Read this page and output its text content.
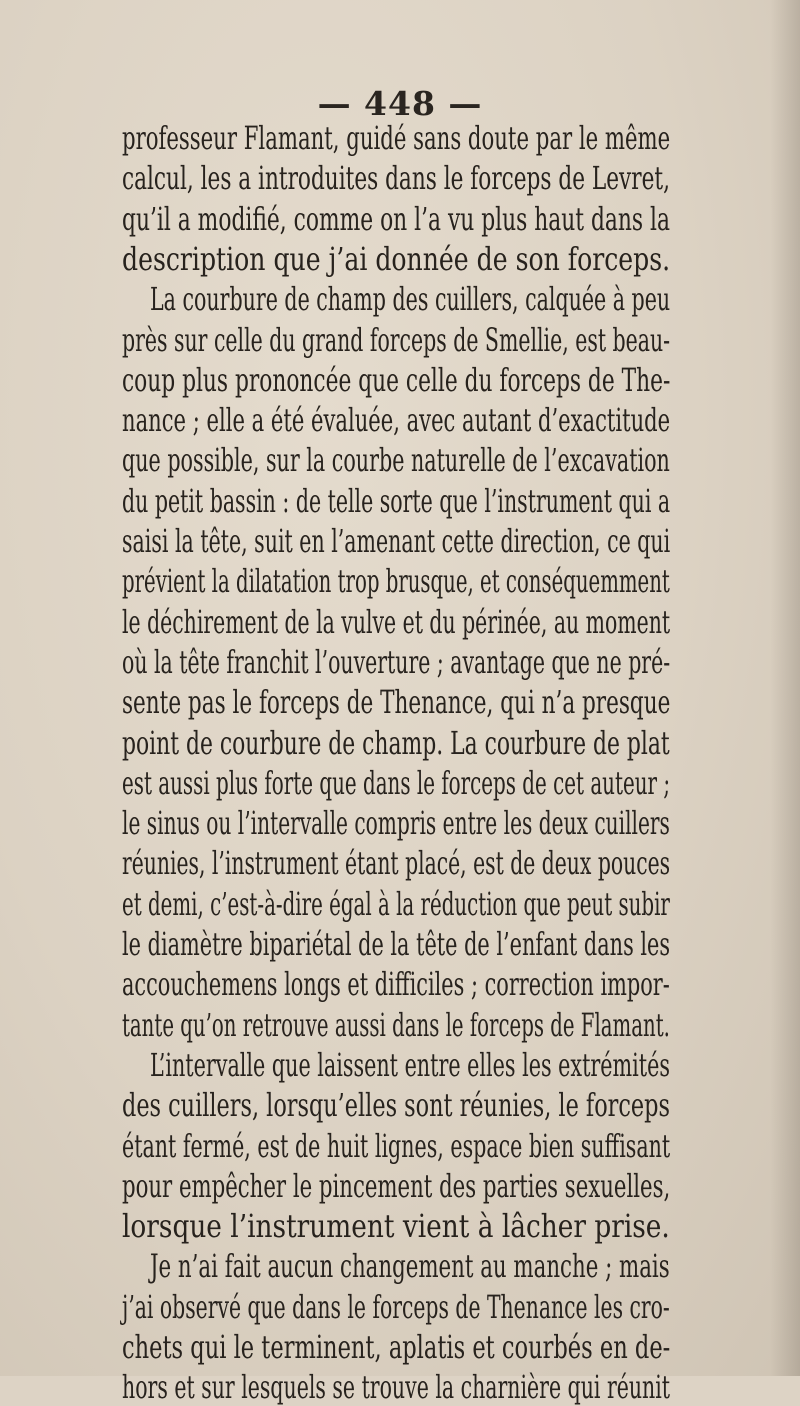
— 448 —
professeur Flamant, guidé sans doute par le même
calcul, les a introduites dans le forceps de Levret,
qu’il a modifié, comme on l’a vu plus haut dans la
description que j’ai donnée de son forceps.
La courbure de champ des cuillers, calquée à peu
près sur celle du grand forceps de Smellie, est beau-
coup plus prononcée que celle du forceps de The-
nance ; elle a été évaluée, avec autant d’exactitude
que possible, sur la courbe naturelle de l’excavation
du petit bassin : de telle sorte que l’instrument qui a
saisi la tête, suit en l’amenant cette direction, ce qui
prévient la dilatation trop brusque, et conséquemment
le déchirement de la vulve et du périnée, au moment
où la tête franchit l’ouverture ; avantage que ne pré-
sente pas le forceps de Thenance, qui n’a presque
point de courbure de champ. La courbure de plat
est aussi plus forte que dans le forceps de cet auteur ;
le sinus ou l’intervalle compris entre les deux cuillers
réunies, l’instrument étant placé, est de deux pouces
et demi, c’est-à-dire égal à la réduction que peut subir
le diamètre bipariétal de la tête de l’enfant dans les
accouchemens longs et difficiles ; correction impor-
tante qu’on retrouve aussi dans le forceps de Flamant.
L’intervalle que laissent entre elles les extrémités
des cuillers, lorsqu’elles sont réunies, le forceps
étant fermé, est de huit lignes, espace bien suffisant
pour empêcher le pincement des parties sexuelles,
lorsque l’instrument vient à lâcher prise.
Je n’ai fait aucun changement au manche ; mais
j’ai observé que dans le forceps de Thenance les cro-
chets qui le terminent, aplatis et courbés en de-
hors et sur lesquels se trouve la charnière qui réunit
